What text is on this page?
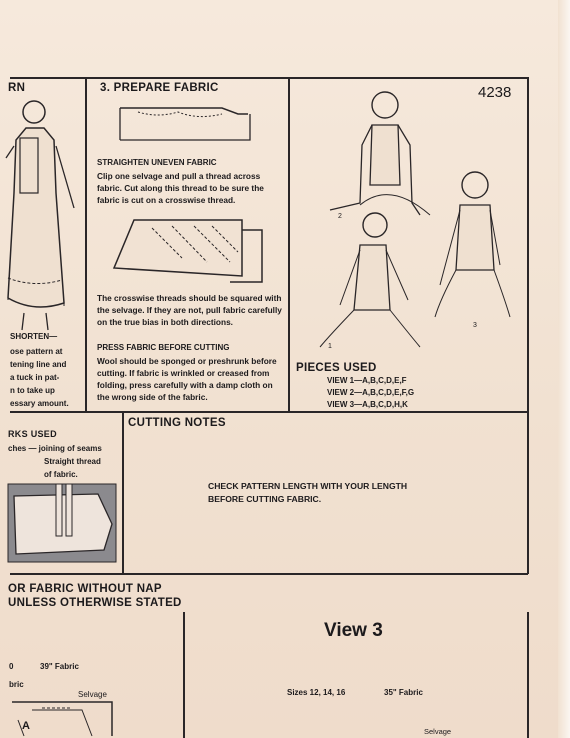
RN
SHORTEN—
ose pattern at
tening line and
a tuck in pat-
n to take up
essary amount.
3. PREPARE FABRIC
STRAIGHTEN UNEVEN FABRIC
Clip one selvage and pull a thread across fabric. Cut along this thread to be sure the fabric is cut on a crosswise thread.
The crosswise threads should be squared with the selvage. If they are not, pull fabric carefully on the true bias in both directions.
PRESS FABRIC BEFORE CUTTING
Wool should be sponged or preshrunk before cutting. If fabric is wrinkled or creased from folding, press carefully with a damp cloth on the wrong side of the fabric.
4238
2
1
3
PIECES USED
VIEW 1—A,B,C,D,E,F
VIEW 2—A,B,C,D,E,F,G
VIEW 3—A,B,C,D,H,K
RKS USED
ches — joining of seams
Straight thread
of fabric.
CUTTING NOTES
CHECK PATTERN LENGTH WITH YOUR LENGTH
BEFORE CUTTING FABRIC.
OR FABRIC WITHOUT NAP
UNLESS OTHERWISE STATED
0	39" Fabric
bric
Selvage
A
View 3
Sizes 12, 14, 16	35" Fabric
Selvage
